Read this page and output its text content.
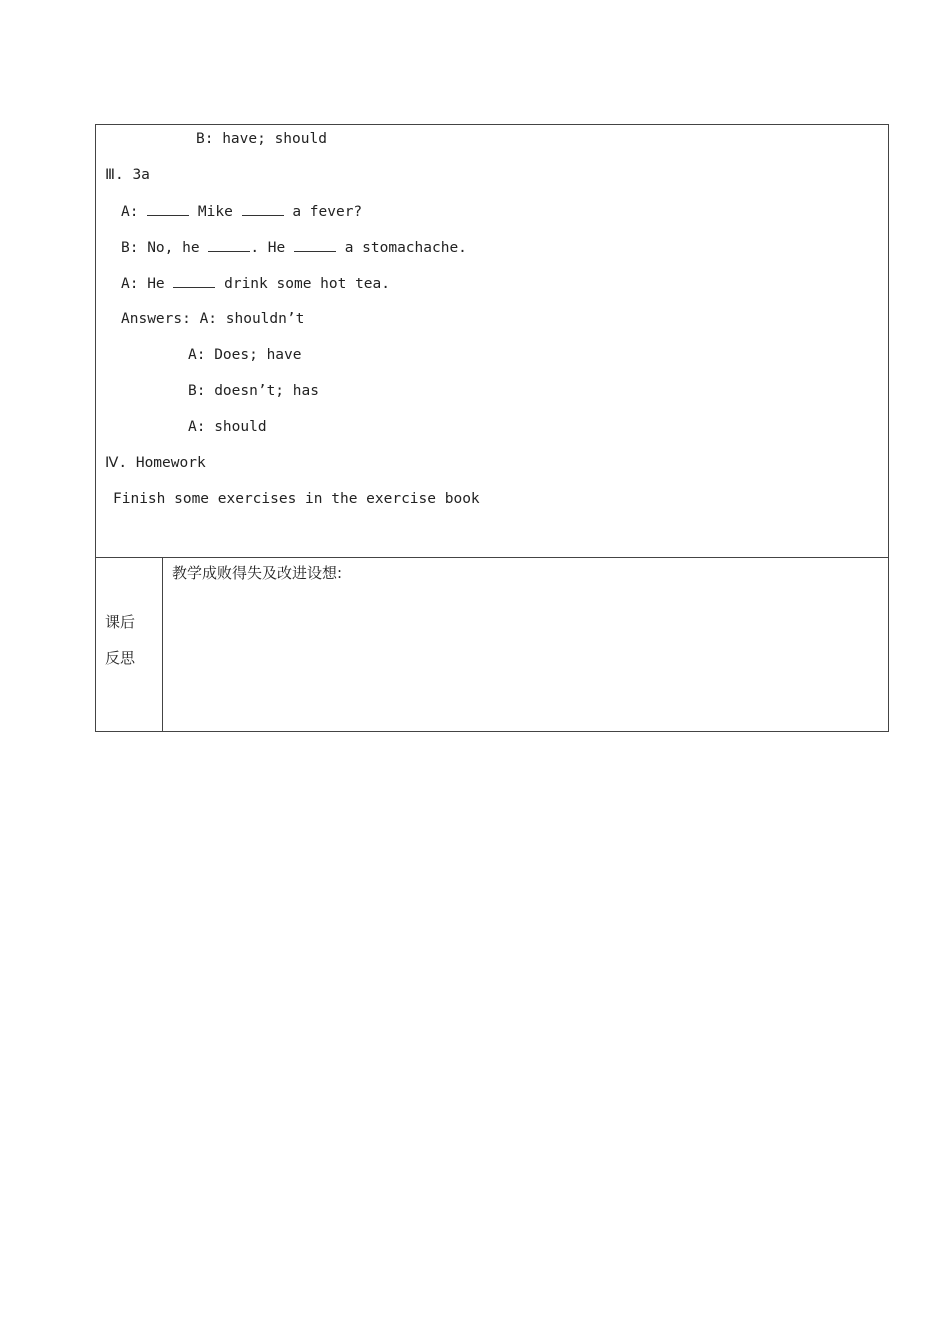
B: have; should
Ⅲ. 3a
A:	Mike	a fever?
B: No, he	. He	a stomachache.
A: He	drink some hot tea.
Answers: A: shouldn’t
A: Does; have
B: doesn’t; has
A: should
Ⅳ. Homework
Finish some exercises in the exercise book
课后
反思
教学成败得失及改进设想:
